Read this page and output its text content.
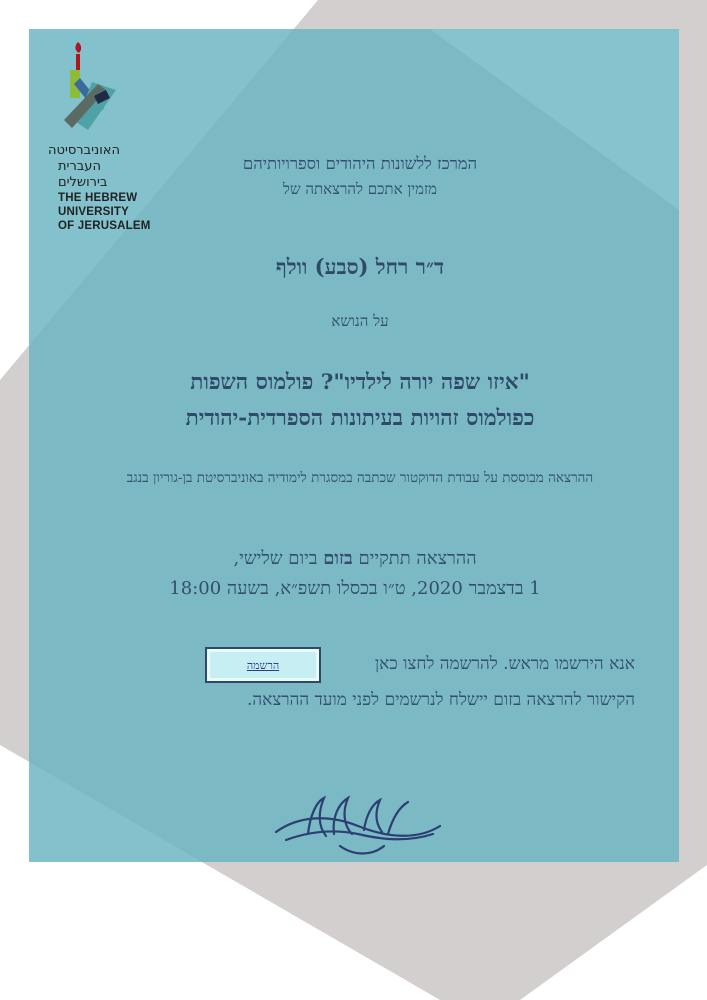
האוניברסיטה
העברית
בירושלים
THE HEBREW
UNIVERSITY
OF JERUSALEM
המרכז ללשונות היהודים וספרויותיהם
מזמין אתכם להרצאתה של
ד״ר רחל (סבע) וולף
על הנושא
"איזו שפה יורה לילדיו"? פולמוס השפות
כפולמוס זהויות בעיתונות הספרדית-יהודית
ההרצאה מבוססת על עבודת הדוקטור שכתבה במסגרת לימודיה באוניברסיטת בן-גוריון בנגב
ההרצאה תתקיים בזום ביום שלישי,
1 בדצמבר 2020, ט״ו בכסלו תשפ״א, בשעה 18:00
אנא הירשמו מראש. להרשמה לחצו כאן
הרשמה
הקישור להרצאה בזום יישלח לנרשמים לפני מועד ההרצאה.
